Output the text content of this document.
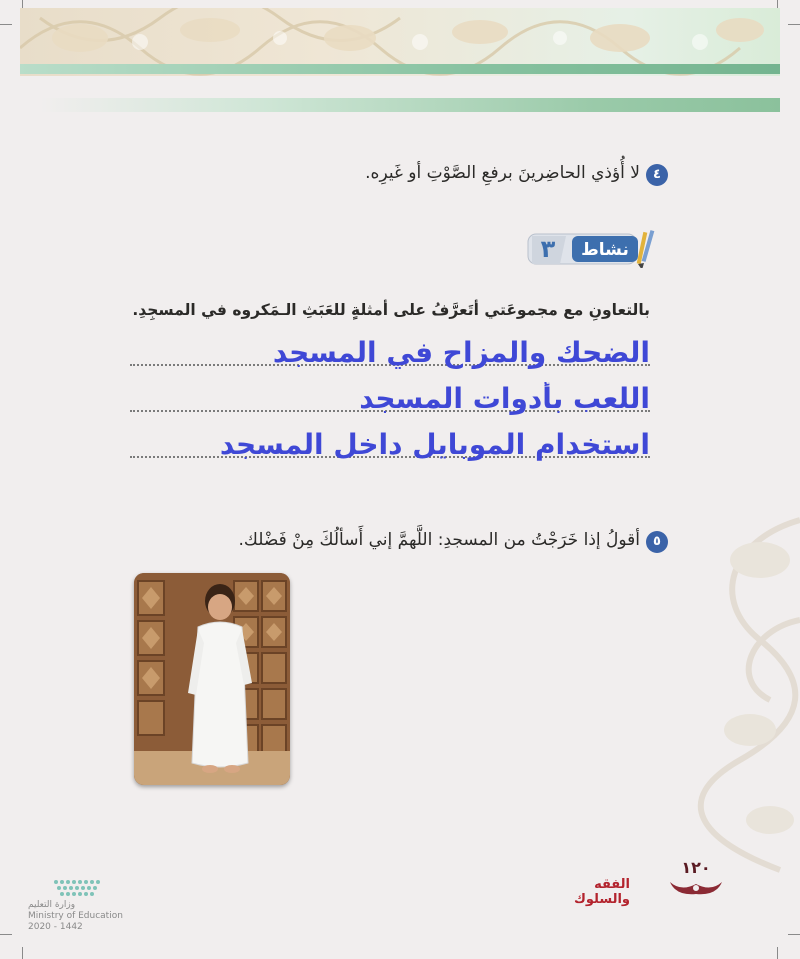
٤
لا أُؤذي الحاضِرينَ برفعِ الصَّوْتِ أو غَيرِه.
نشاط
٣
بالتعاونِ مع مجموعَتي أتَعرَّفُ على أمثلةٍ للعَبَثِ الـمَكروه في المسجِدِ.
الضحك والمزاح في المسجد
اللعب بأدوات المسجد
استخدام الموبايل داخل المسجد
٥
أقولُ إذا خَرَجْتُ من المسجدِ: اللَّهمَّ إني أَسألُكَ مِنْ فَضْلك.
الفقه والسلوك
١٢٠
وزارة التعليم
Ministry of Education
2020 - 1442
